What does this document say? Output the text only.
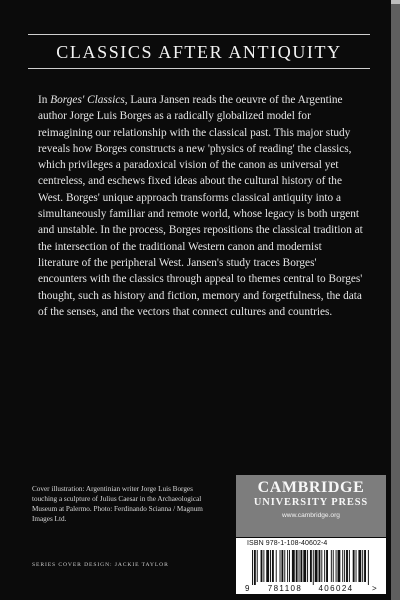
CLASSICS AFTER ANTIQUITY
In Borges' Classics, Laura Jansen reads the oeuvre of the Argentine author Jorge Luis Borges as a radically globalized model for reimagining our relationship with the classical past. This major study reveals how Borges constructs a new 'physics of reading' the classics, which privileges a paradoxical vision of the canon as universal yet centreless, and eschews fixed ideas about the cultural history of the West. Borges' unique approach transforms classical antiquity into a simultaneously familiar and remote world, whose legacy is both urgent and unstable. In the process, Borges repositions the classical tradition at the intersection of the traditional Western canon and modernist literature of the peripheral West. Jansen's study traces Borges' encounters with the classics through appeal to themes central to Borges' thought, such as history and fiction, memory and forgetfulness, the data of the senses, and the vectors that connect cultures and countries.
Cover illustration: Argentinian writer Jorge Luis Borges touching a sculpture of Julius Caesar in the Archaeological Museum at Palermo. Photo: Ferdinando Scianna / Magnum Images Ltd.
SERIES COVER DESIGN: JACKIE TAYLOR
CAMBRIDGE
UNIVERSITY PRESS
www.cambridge.org
9 781108 406024 >
ISBN 978-1-108-40602-4
